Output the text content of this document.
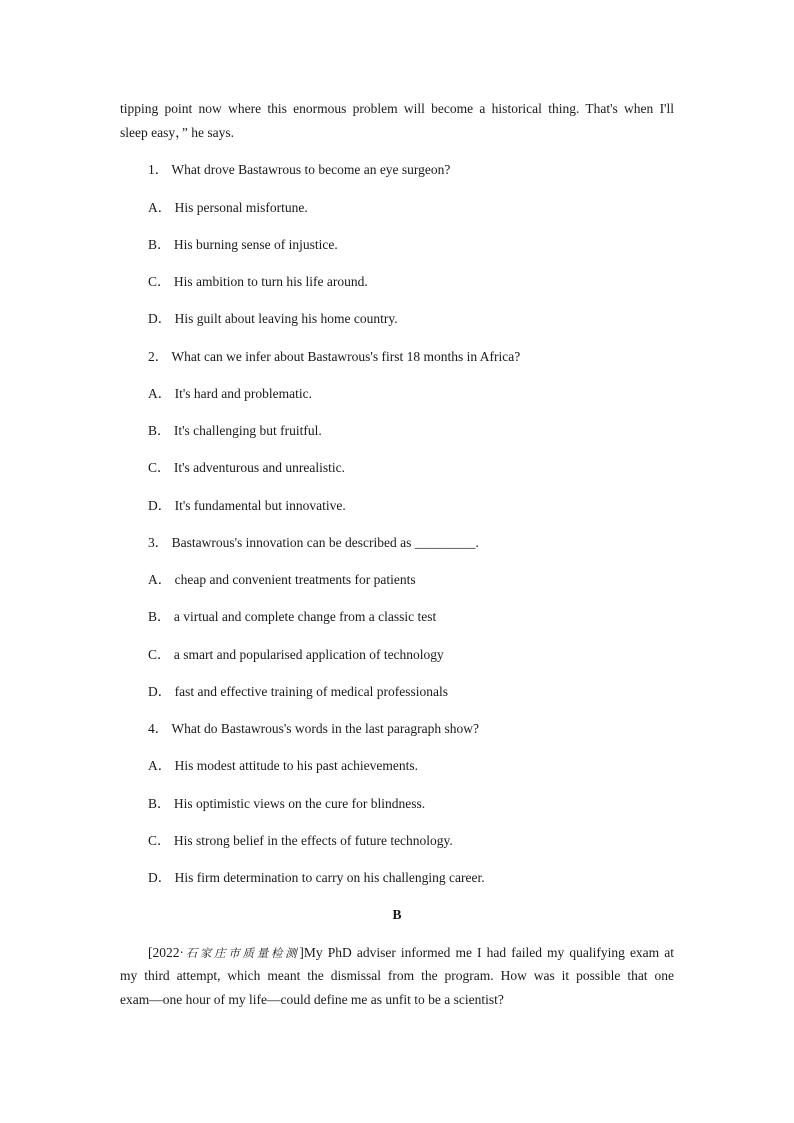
tipping point now where this enormous problem will become a historical thing. That's when I'll
sleep easy，” he says.
1． What drove Bastawrous to become an eye surgeon?
A． His personal misfortune.
B． His burning sense of injustice.
C． His ambition to turn his life around.
D． His guilt about leaving his home country.
2． What can we infer about Bastawrous's first 18 months in Africa?
A． It's hard and problematic.
B． It's challenging but fruitful.
C． It's adventurous and unrealistic.
D． It's fundamental but innovative.
3． Bastawrous's innovation can be described as _________.
A． cheap and convenient treatments for patients
B． a virtual and complete change from a classic test
C． a smart and popularised application of technology
D． fast and effective training of medical professionals
4． What do Bastawrous's words in the last paragraph show?
A． His modest attitude to his past achievements.
B． His optimistic views on the cure for blindness.
C． His strong belief in the effects of future technology.
D． His firm determination to carry on his challenging career.
B
[2022·石家庄市质量检测]My PhD adviser informed me I had failed my qualifying exam at
my third attempt, which meant the dismissal from the program. How was it possible that one
exam—one hour of my life—could define me as unfit to be a scientist?
